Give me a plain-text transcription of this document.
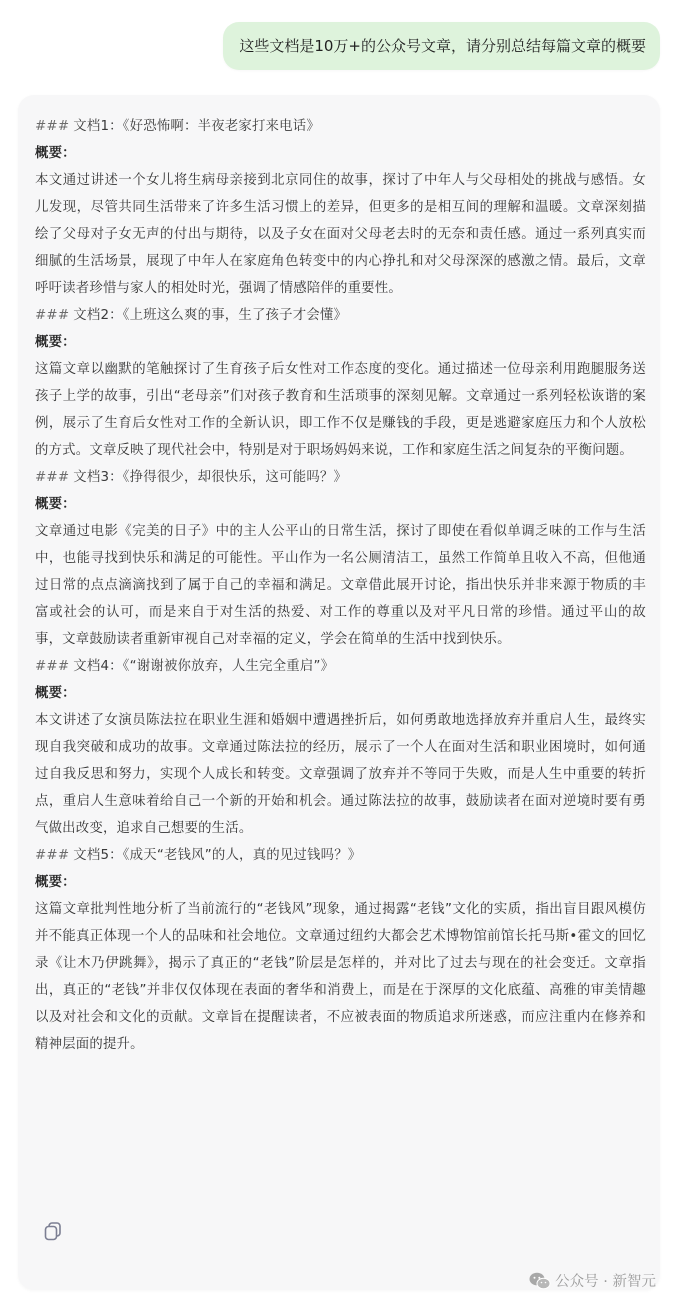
这些文档是10万+的公众号文章，请分别总结每篇文章的概要
### 文档1：《好恐怖啊：半夜老家打来电话》
概要：
本文通过讲述一个女儿将生病母亲接到北京同住的故事，探讨了中年人与父母相处的挑战与感悟。女儿发现，尽管共同生活带来了许多生活习惯上的差异，但更多的是相互间的理解和温暖。文章深刻描绘了父母对子女无声的付出与期待，以及子女在面对父母老去时的无奈和责任感。通过一系列真实而细腻的生活场景，展现了中年人在家庭角色转变中的内心挣扎和对父母深深的感激之情。最后，文章呼吁读者珍惜与家人的相处时光，强调了情感陪伴的重要性。
### 文档2：《上班这么爽的事，生了孩子才会懂》
概要：
这篇文章以幽默的笔触探讨了生育孩子后女性对工作态度的变化。通过描述一位母亲利用跑腿服务送孩子上学的故事，引出“老母亲”们对孩子教育和生活琐事的深刻见解。文章通过一系列轻松诙谐的案例，展示了生育后女性对工作的全新认识，即工作不仅是赚钱的手段，更是逃避家庭压力和个人放松的方式。文章反映了现代社会中，特别是对于职场妈妈来说，工作和家庭生活之间复杂的平衡问题。
### 文档3：《挣得很少，却很快乐，这可能吗？》
概要：
文章通过电影《完美的日子》中的主人公平山的日常生活，探讨了即使在看似单调乏味的工作与生活中，也能寻找到快乐和满足的可能性。平山作为一名公厕清洁工，虽然工作简单且收入不高，但他通过日常的点点滴滴找到了属于自己的幸福和满足。文章借此展开讨论，指出快乐并非来源于物质的丰富或社会的认可，而是来自于对生活的热爱、对工作的尊重以及对平凡日常的珍惜。通过平山的故事，文章鼓励读者重新审视自己对幸福的定义，学会在简单的生活中找到快乐。
### 文档4：《“谢谢被你放弃，人生完全重启”》
概要：
本文讲述了女演员陈法拉在职业生涯和婚姻中遭遇挫折后，如何勇敢地选择放弃并重启人生，最终实现自我突破和成功的故事。文章通过陈法拉的经历，展示了一个人在面对生活和职业困境时，如何通过自我反思和努力，实现个人成长和转变。文章强调了放弃并不等同于失败，而是人生中重要的转折点，重启人生意味着给自己一个新的开始和机会。通过陈法拉的故事，鼓励读者在面对逆境时要有勇气做出改变，追求自己想要的生活。
### 文档5：《成天“老钱风”的人，真的见过钱吗？》
概要：
这篇文章批判性地分析了当前流行的“老钱风”现象，通过揭露“老钱”文化的实质，指出盲目跟风模仿并不能真正体现一个人的品味和社会地位。文章通过纽约大都会艺术博物馆前馆长托马斯•霍文的回忆录《让木乃伊跳舞》，揭示了真正的“老钱”阶层是怎样的，并对比了过去与现在的社会变迁。文章指出，真正的“老钱”并非仅仅体现在表面的奢华和消费上，而是在于深厚的文化底蕴、高雅的审美情趣以及对社会和文化的贡献。文章旨在提醒读者，不应被表面的物质追求所迷惑，而应注重内在修养和精神层面的提升。
公众号 · 新智元
